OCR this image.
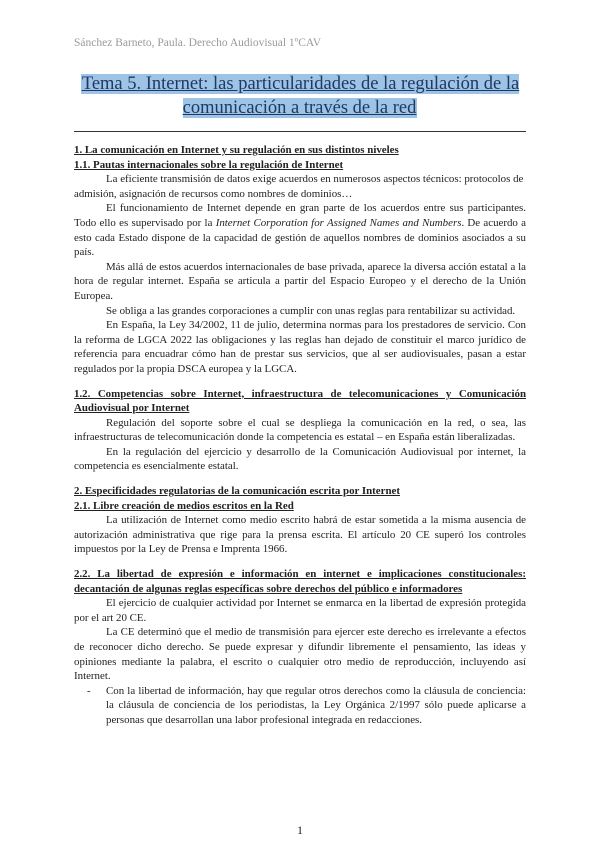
Sánchez Barneto, Paula. Derecho Audiovisual 1ºCAV
Tema 5. Internet: las particularidades de la regulación de la comunicación a través de la red

1. La comunicación en Internet y su regulación en sus distintos niveles

1.1. Pautas internacionales sobre la regulación de Internet

La eficiente transmisión de datos exige acuerdos en numerosos aspectos técnicos: protocolos de admisión, asignación de recursos como nombres de dominios…

El funcionamiento de Internet depende en gran parte de los acuerdos entre sus participantes. Todo ello es supervisado por la Internet Corporation for Assigned Names and Numbers. De acuerdo a esto cada Estado dispone de la capacidad de gestión de aquellos nombres de dominios asociados a su país.

Más allá de estos acuerdos internacionales de base privada, aparece la diversa acción estatal a la hora de regular internet. España se articula a partir del Espacio Europeo y el derecho de la Unión Europea.

Se obliga a las grandes corporaciones a cumplir con unas reglas para rentabilizar su actividad.

En España, la Ley 34/2002, 11 de julio, determina normas para los prestadores de servicio. Con la reforma de LGCA 2022 las obligaciones y las reglas han dejado de constituir el marco jurídico de referencia para encuadrar cómo han de prestar sus servicios, que al ser audiovisuales, pasan a estar regulados por la propia DSCA europea y la LGCA.

1.2. Competencias sobre Internet, infraestructura de telecomunicaciones y Comunicación Audiovisual por Internet

Regulación del soporte sobre el cual se despliega la comunicación en la red, o sea, las infraestructuras de telecomunicación donde la competencia es estatal – en España están liberalizadas.

En la regulación del ejercicio y desarrollo de la Comunicación Audiovisual por internet, la competencia es esencialmente estatal.

2. Especificidades regulatorias de la comunicación escrita por Internet

2.1. Libre creación de medios escritos en la Red

La utilización de Internet como medio escrito habrá de estar sometida a la misma ausencia de autorización administrativa que rige para la prensa escrita. El artículo 20 CE superó los controles impuestos por la Ley de Prensa e Imprenta 1966.

2.2. La libertad de expresión e información en internet e implicaciones constitucionales: decantación de algunas reglas específicas sobre derechos del público e informadores

El ejercicio de cualquier actividad por Internet se enmarca en la libertad de expresión protegida por el art 20 CE.

La CE determinó que el medio de transmisión para ejercer este derecho es irrelevante a efectos de reconocer dicho derecho. Se puede expresar y difundir libremente el pensamiento, las ideas y opiniones mediante la palabra, el escrito o cualquier otro medio de reproducción, incluyendo así Internet.

- Con la libertad de información, hay que regular otros derechos como la cláusula de conciencia: la cláusula de conciencia de los periodistas, la Ley Orgánica 2/1997 sólo puede aplicarse a personas que desarrollan una labor profesional integrada en redacciones.

1
